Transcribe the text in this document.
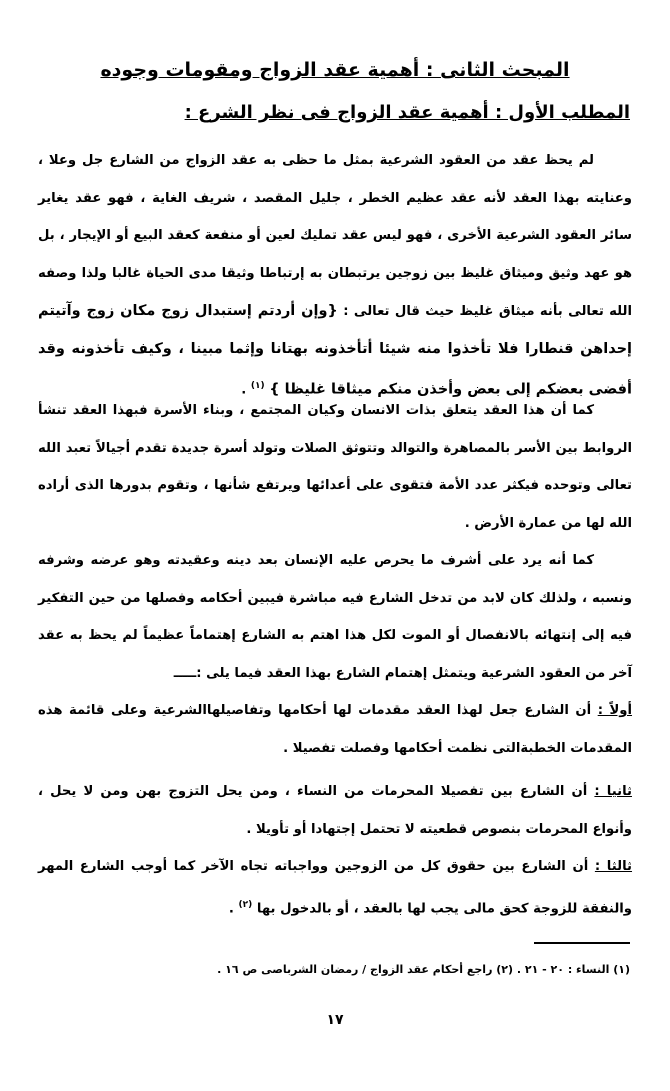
المبحث الثانى : أهمية عقد الزواج ومقومات وجوده
المطلب الأول : أهمية عقد الزواج فى نظر الشرع :
لم يحظ عقد من العقود الشرعية بمثل ما حظى به عقد الزواج من الشارع جل وعلا ، وعنايته بهذا العقد لأنه عقد عظيم الخطر ، جليل المقصد ، شريف الغاية ، فهو عقد يغاير سائر العقود الشرعية الأخرى ، فهو ليس عقد تمليك لعين أو منفعة كعقد البيع أو الإيجار ، بل هو عهد وثيق وميثاق غليظ بين زوجين يرتبطان به إرتباطا وثيقا مدى الحياة غالبا ولذا وصفه الله تعالى بأنه ميثاق غليظ حيث قال تعالى : {وإن أردتم إستبدال زوج مكان زوج وآتيتم إحداهن قنطارا فلا تأخذوا منه شيئا أتأخذونه بهتانا وإثما مبينا ، وكيف تأخذونه وقد أفضى بعضكم إلى بعض وأخذن منكم ميثاقا غليظا } $^{(١)}$ .
كما أن هذا العقد يتعلق بذات الانسان وكيان المجتمع ، وبناء الأسرة فبهذا العقد تنشأ الروابط بين الأسر بالمصاهرة والتوالد وتتوثق الصلات وتولد أسرة جديدة تقدم أجيالاً تعبد الله تعالى وتوحده فيكثر عدد الأمة فتقوى على أعدائها ويرتفع شأنها ، وتقوم بدورها الذى أراده الله لها من عمارة الأرض .
كما أنه يرد على أشرف ما يحرص عليه الإنسان بعد دينه وعقيدته وهو عرضه وشرفه ونسبه ، ولذلك كان لابد من تدخل الشارع فيه مباشرة فيبين أحكامه وفصلها من حين التفكير فيه إلى إنتهائه بالانفصال أو الموت لكل هذا اهتم به الشارع إهتماماً عظيماً لم يحظ به عقد آخر من العقود الشرعية ويتمثل إهتمام الشارع بهذا العقد فيما يلى :ـــــ
أولاً : أن الشارع جعل لهذا العقد مقدمات لها أحكامها وتفاصيلهاالشرعية وعلى قائمة هذه المقدمات الخطبةالتى نظمت أحكامها وفصلت تفصيلا .
ثانيا : أن الشارع بين تفصيلا المحرمات من النساء ، ومن يحل التزوج بهن ومن لا يحل ، وأنواع المحرمات بنصوص قطعيته لا تحتمل إجتهادا أو تأويلا .
ثالثا : أن الشارع بين حقوق كل من الزوجين وواجباته تجاه الآخر كما أوجب الشارع المهر والنفقة للزوجة كحق مالى يجب لها بالعقد ، أو بالدخول بها $^{(٢)}$ .
(١) النساء : ٢٠ - ٢١ . (٢) راجع أحكام عقد الزواج / رمضان الشرباصى ص ١٦ .
١٧
